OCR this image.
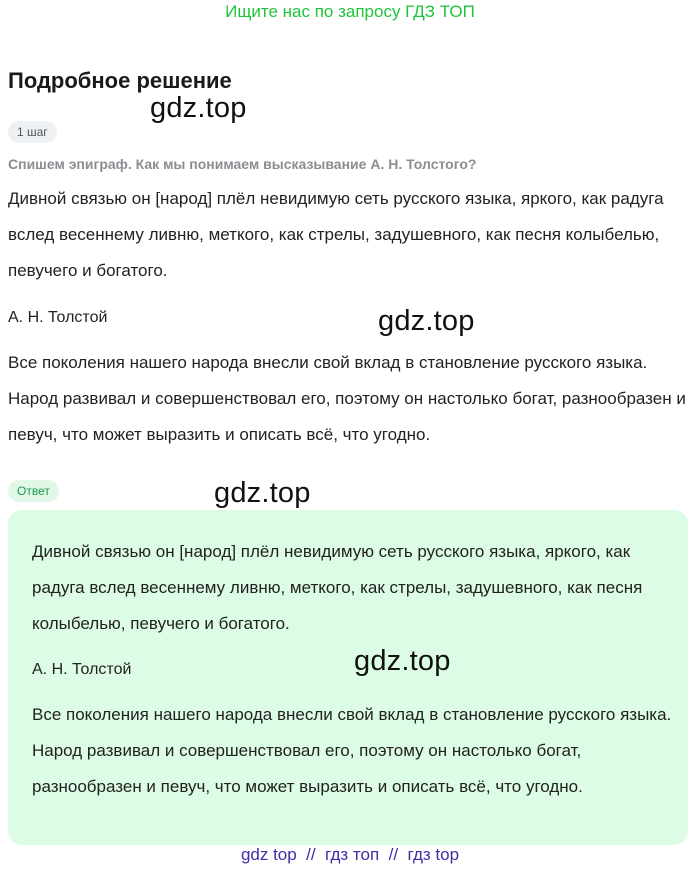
Ищите нас по запросу ГДЗ ТОП
Подробное решение
1 шаг
Спишем эпиграф. Как мы понимаем высказывание А. Н. Толстого?
Дивной связью он [народ] плёл невидимую сеть русского языка, яркого, как радуга вслед весеннему ливню, меткого, как стрелы, задушевного, как песня колыбелью, певучего и богатого.
А. Н. Толстой
Все поколения нашего народа внесли свой вклад в становление русского языка. Народ развивал и совершенствовал его, поэтому он настолько богат, разнообразен и певуч, что может выразить и описать всё, что угодно.
Ответ
Дивной связью он [народ] плёл невидимую сеть русского языка, яркого, как радуга вслед весеннему ливню, меткого, как стрелы, задушевного, как песня колыбелью, певучего и богатого.
А. Н. Толстой
Все поколения нашего народа внесли свой вклад в становление русского языка. Народ развивал и совершенствовал его, поэтому он настолько богат, разнообразен и певуч, что может выразить и описать всё, что угодно.
gdz.top
gdz.top
gdz.top
gdz.top
gdz top  //  гдз топ  //  гдз top
